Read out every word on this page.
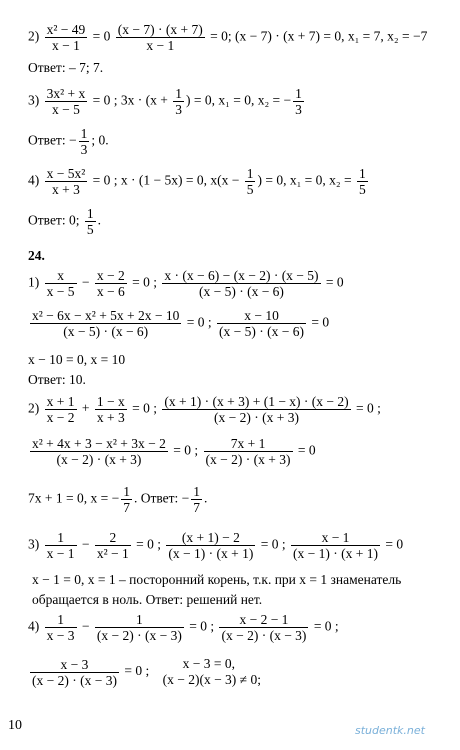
$2) \frac{\text{x² − 49}}{x - 1} = 0 \frac{(x - 7) \cdot (x + 7)}{x - 1} = 0$; (x − 7) · (x + 7) = 0, x₁ = 7, x₂ = −7
Ответ: – 7; 7.
$3) \frac{\text{3x² + x}}{x - 5} = 0$ ; $3x \cdot (x + \frac{1}{3}$ ) = 0, x₁ = 0, x₂ = − $\frac{1}{3}$
Ответ: − $\frac{1}{3}$ ; 0.
$4) \frac{\text{x − 5x²}}{x + 3} = 0$ ; x · (1 − 5x) = 0, $x(x - \frac{1}{5}$ ) = 0, x₁ = 0, $x_2 = \frac{1}{5}$
Ответ: 0; $\frac{1}{5}$ .
24.
$1) \frac{x}{x - 5} - \frac{x - 2}{x - 6} = 0$ ; $\frac{x \cdot (x - 6) - (x - 2) \cdot (x - 5)}{(x - 5) \cdot (x - 6)} = 0$
$\frac{\text{x² − 6x − x² + 5x + 2x − 10}}{(x - 5) \cdot (x - 6)} = 0$ ; $\frac{x - 10}{(x - 5) \cdot (x - 6)} = 0$
x − 10 = 0, x = 10
Ответ: 10.
$2) \frac{x + 1}{x - 2} + \frac{1 - x}{x + 3} = 0$ ; $\frac{(x + 1) \cdot (x + 3) + (1 - x) \cdot (x - 2)}{(x - 2) \cdot (x + 3)} = 0$ ;
$\frac{\text{x² + 4x + 3 − x² + 3x − 2}}{(x - 2) \cdot (x + 3)} = 0$ ; $\frac{7x + 1}{(x - 2) \cdot (x + 3)} = 0$
7x + 1 = 0, x = − $\frac{1}{7}$ . Ответ: − $\frac{1}{7}$ .
$3) \frac{1}{x - 1} - \frac{2}{\text{x² − 1}} = 0$ ; $\frac{(x + 1) - 2}{(x - 1) \cdot (x + 1)} = 0$ ; $\frac{x - 1}{(x - 1) \cdot (x + 1)} = 0$
x − 1 = 0, x = 1 – посторонний корень, т.к. при x = 1 знаменатель
обращается в ноль. Ответ: решений нет.
$4) \frac{1}{x - 3} - \frac{1}{(x - 2) \cdot (x - 3)} = 0$ ; $\frac{x - 2 - 1}{(x - 2) \cdot (x - 3)} = 0$ ;
$\frac{x - 3}{(x - 2) \cdot (x - 3)} = 0$ ;	x − 3 = 0,
(x − 2)(x − 3) ≠ 0;
10	studentk.net
